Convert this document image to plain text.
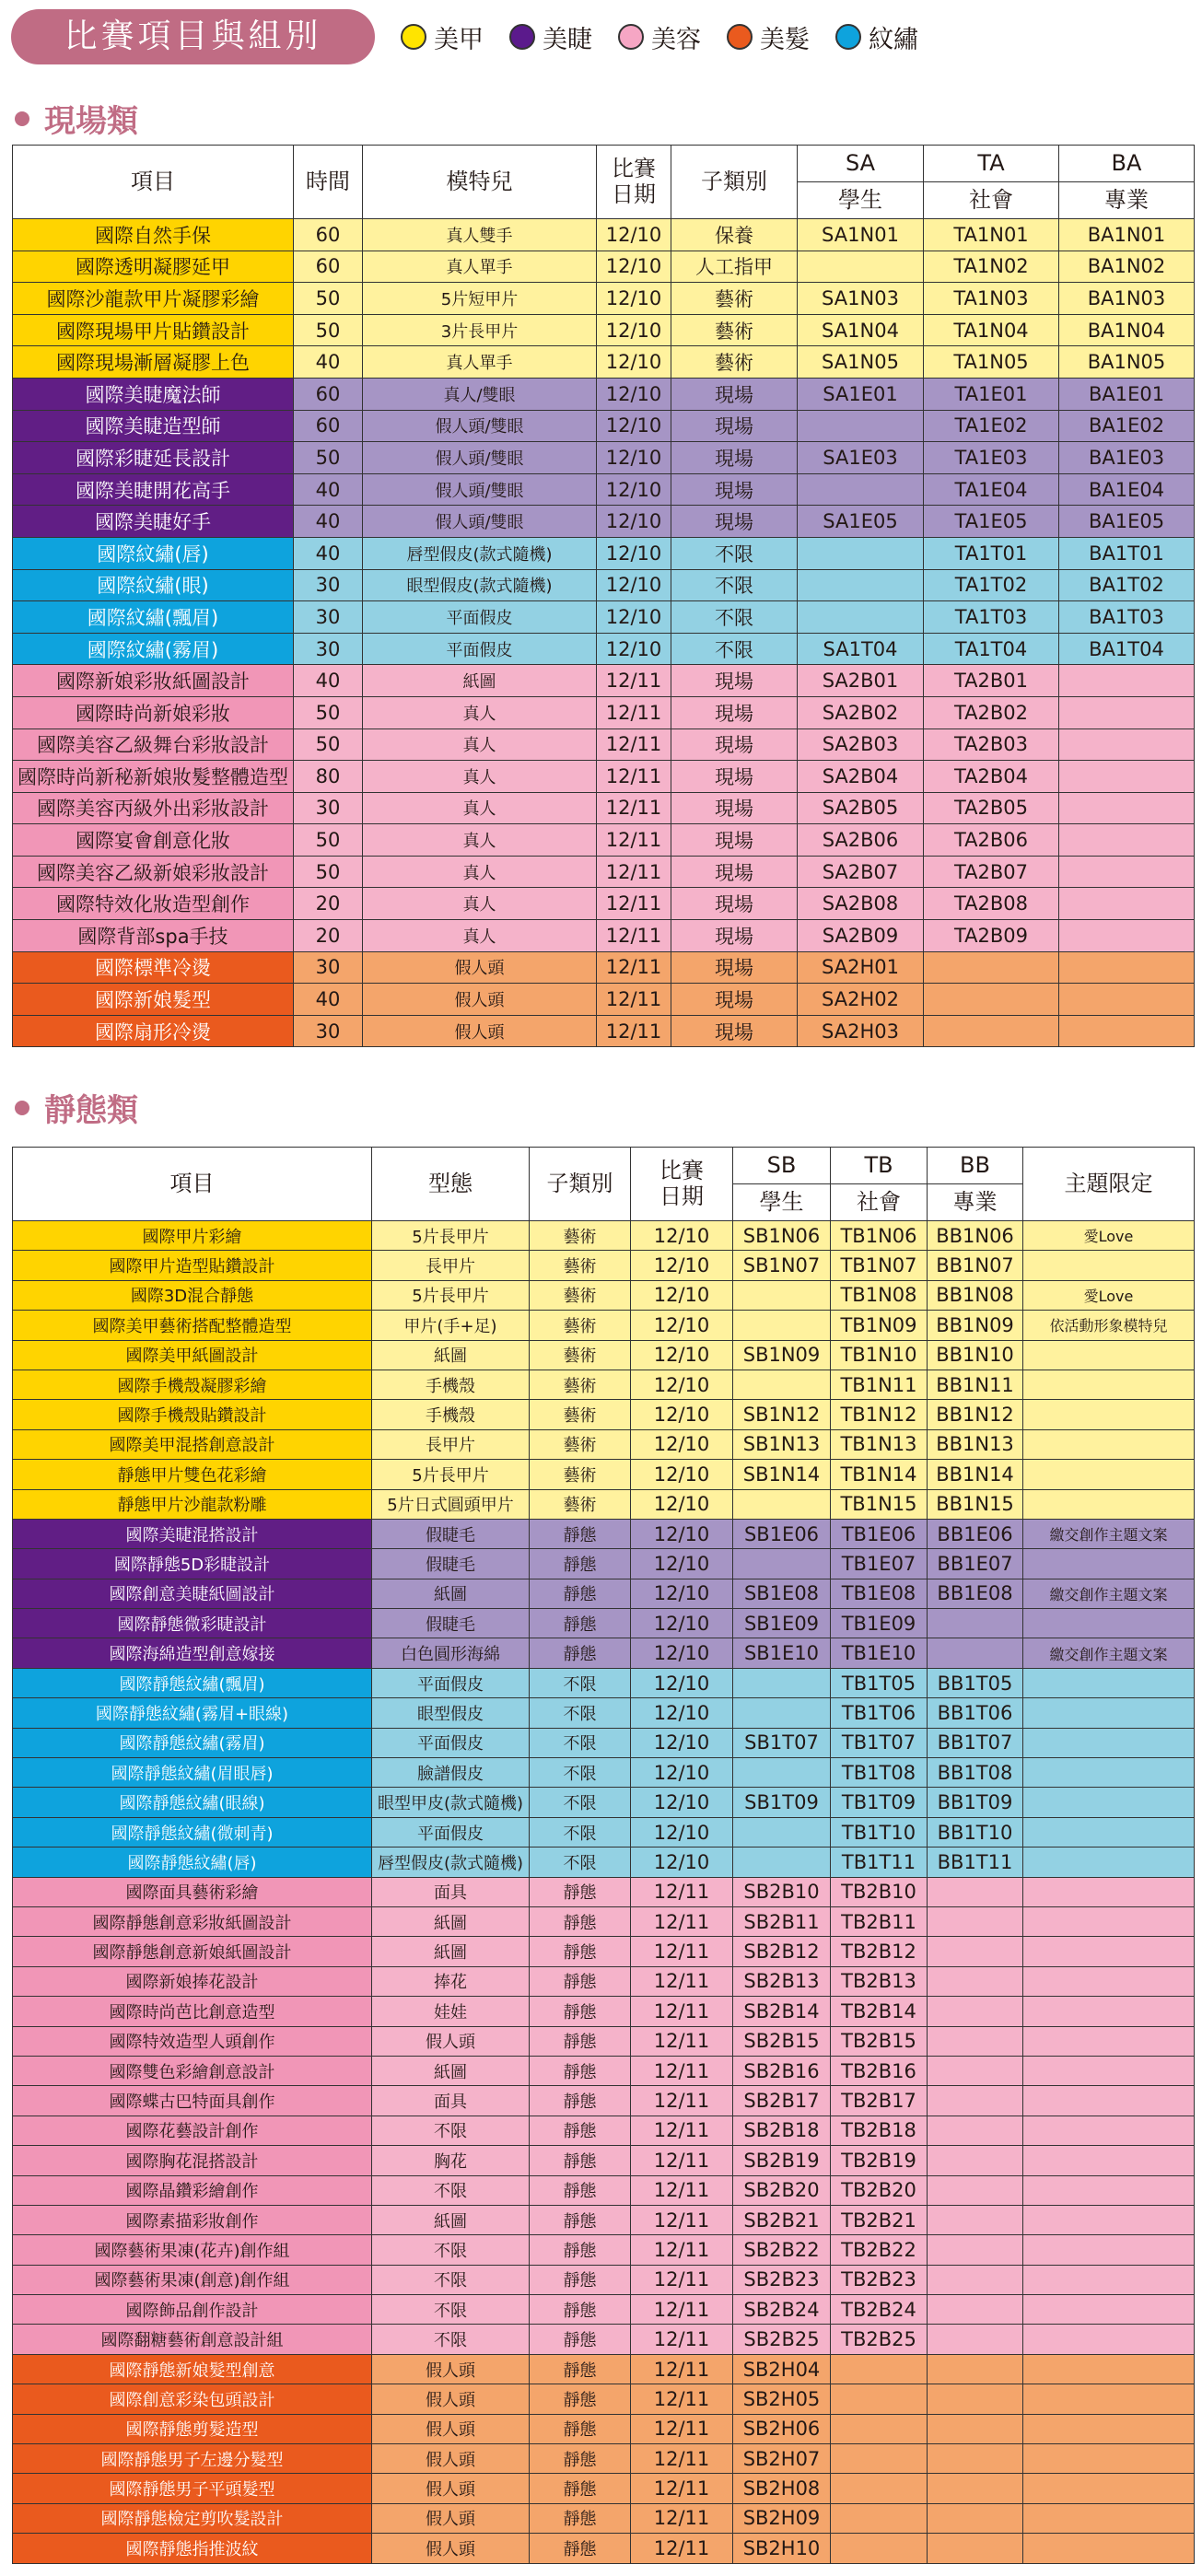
比賽項目與組別	美甲 美睫 美容 美髮 紋繡
現場類
項目	時間	模特兒	比賽
日期	子類別	SA	TA	BA
					學生	社會	專業
國際自然手保	60	真人雙手	12/10	保養	SA1N01	TA1N01	BA1N01
國際透明凝膠延甲	60	真人單手	12/10	人工指甲		TA1N02	BA1N02
國際沙龍款甲片凝膠彩繪	50	5片短甲片	12/10	藝術	SA1N03	TA1N03	BA1N03
國際現場甲片貼鑽設計	50	3片長甲片	12/10	藝術	SA1N04	TA1N04	BA1N04
國際現場漸層凝膠上色	40	真人單手	12/10	藝術	SA1N05	TA1N05	BA1N05
國際美睫魔法師	60	真人/雙眼	12/10	現場	SA1E01	TA1E01	BA1E01
國際美睫造型師	60	假人頭/雙眼	12/10	現場		TA1E02	BA1E02
國際彩睫延長設計	50	假人頭/雙眼	12/10	現場	SA1E03	TA1E03	BA1E03
國際美睫開花高手	40	假人頭/雙眼	12/10	現場		TA1E04	BA1E04
國際美睫好手	40	假人頭/雙眼	12/10	現場	SA1E05	TA1E05	BA1E05
國際紋繡(唇)	40	唇型假皮(款式隨機)	12/10	不限		TA1T01	BA1T01
國際紋繡(眼)	30	眼型假皮(款式隨機)	12/10	不限		TA1T02	BA1T02
國際紋繡(飄眉)	30	平面假皮	12/10	不限		TA1T03	BA1T03
國際紋繡(霧眉)	30	平面假皮	12/10	不限	SA1T04	TA1T04	BA1T04
國際新娘彩妝紙圖設計	40	紙圖	12/11	現場	SA2B01	TA2B01	
國際時尚新娘彩妝	50	真人	12/11	現場	SA2B02	TA2B02	
國際美容乙級舞台彩妝設計	50	真人	12/11	現場	SA2B03	TA2B03	
國際時尚新秘新娘妝髮整體造型	80	真人	12/11	現場	SA2B04	TA2B04	
國際美容丙級外出彩妝設計	30	真人	12/11	現場	SA2B05	TA2B05	
國際宴會創意化妝	50	真人	12/11	現場	SA2B06	TA2B06	
國際美容乙級新娘彩妝設計	50	真人	12/11	現場	SA2B07	TA2B07	
國際特效化妝造型創作	20	真人	12/11	現場	SA2B08	TA2B08	
國際背部spa手技	20	真人	12/11	現場	SA2B09	TA2B09	
國際標準冷燙	30	假人頭	12/11	現場	SA2H01		
國際新娘髮型	40	假人頭	12/11	現場	SA2H02		
國際扇形冷燙	30	假人頭	12/11	現場	SA2H03		
靜態類
項目	型態	子類別	比賽
日期	SB	TB	BB	主題限定
				學生	社會	專業	
國際甲片彩繪	5片長甲片	藝術	12/10	SB1N06	TB1N06	BB1N06	愛Love
國際甲片造型貼鑽設計	長甲片	藝術	12/10	SB1N07	TB1N07	BB1N07	
國際3D混合靜態	5片長甲片	藝術	12/10		TB1N08	BB1N08	愛Love
國際美甲藝術搭配整體造型	甲片(手+足)	藝術	12/10		TB1N09	BB1N09	依活動形象模特兒
國際美甲紙圖設計	紙圖	藝術	12/10	SB1N09	TB1N10	BB1N10	
國際手機殼凝膠彩繪	手機殼	藝術	12/10		TB1N11	BB1N11	
國際手機殼貼鑽設計	手機殼	藝術	12/10	SB1N12	TB1N12	BB1N12	
國際美甲混搭創意設計	長甲片	藝術	12/10	SB1N13	TB1N13	BB1N13	
靜態甲片雙色花彩繪	5片長甲片	藝術	12/10	SB1N14	TB1N14	BB1N14	
靜態甲片沙龍款粉雕	5片日式圓頭甲片	藝術	12/10		TB1N15	BB1N15	
國際美睫混搭設計	假睫毛	靜態	12/10	SB1E06	TB1E06	BB1E06	繳交創作主題文案
國際靜態5D彩睫設計	假睫毛	靜態	12/10		TB1E07	BB1E07	
國際創意美睫紙圖設計	紙圖	靜態	12/10	SB1E08	TB1E08	BB1E08	繳交創作主題文案
國際靜態微彩睫設計	假睫毛	靜態	12/10	SB1E09	TB1E09		
國際海綿造型創意嫁接	白色圓形海綿	靜態	12/10	SB1E10	TB1E10		繳交創作主題文案
國際靜態紋繡(飄眉)	平面假皮	不限	12/10		TB1T05	BB1T05	
國際靜態紋繡(霧眉+眼線)	眼型假皮	不限	12/10		TB1T06	BB1T06	
國際靜態紋繡(霧眉)	平面假皮	不限	12/10	SB1T07	TB1T07	BB1T07	
國際靜態紋繡(眉眼唇)	臉譜假皮	不限	12/10		TB1T08	BB1T08	
國際靜態紋繡(眼線)	眼型甲皮(款式隨機)	不限	12/10	SB1T09	TB1T09	BB1T09	
國際靜態紋繡(微刺青)	平面假皮	不限	12/10		TB1T10	BB1T10	
國際靜態紋繡(唇)	唇型假皮(款式隨機)	不限	12/10		TB1T11	BB1T11	
國際面具藝術彩繪	面具	靜態	12/11	SB2B10	TB2B10		
國際靜態創意彩妝紙圖設計	紙圖	靜態	12/11	SB2B11	TB2B11		
國際靜態創意新娘紙圖設計	紙圖	靜態	12/11	SB2B12	TB2B12		
國際新娘捧花設計	捧花	靜態	12/11	SB2B13	TB2B13		
國際時尚芭比創意造型	娃娃	靜態	12/11	SB2B14	TB2B14		
國際特效造型人頭創作	假人頭	靜態	12/11	SB2B15	TB2B15		
國際雙色彩繪創意設計	紙圖	靜態	12/11	SB2B16	TB2B16		
國際蝶古巴特面具創作	面具	靜態	12/11	SB2B17	TB2B17		
國際花藝設計創作	不限	靜態	12/11	SB2B18	TB2B18		
國際胸花混搭設計	胸花	靜態	12/11	SB2B19	TB2B19		
國際晶鑽彩繪創作	不限	靜態	12/11	SB2B20	TB2B20		
國際素描彩妝創作	紙圖	靜態	12/11	SB2B21	TB2B21		
國際藝術果凍(花卉)創作組	不限	靜態	12/11	SB2B22	TB2B22		
國際藝術果凍(創意)創作組	不限	靜態	12/11	SB2B23	TB2B23		
國際飾品創作設計	不限	靜態	12/11	SB2B24	TB2B24		
國際翻糖藝術創意設計組	不限	靜態	12/11	SB2B25	TB2B25		
國際靜態新娘髮型創意	假人頭	靜態	12/11	SB2H04			
國際創意彩染包頭設計	假人頭	靜態	12/11	SB2H05			
國際靜態剪髮造型	假人頭	靜態	12/11	SB2H06			
國際靜態男子左邊分髮型	假人頭	靜態	12/11	SB2H07			
國際靜態男子平頭髮型	假人頭	靜態	12/11	SB2H08			
國際靜態檢定剪吹髮設計	假人頭	靜態	12/11	SB2H09			
國際靜態指推波紋	假人頭	靜態	12/11	SB2H10			
